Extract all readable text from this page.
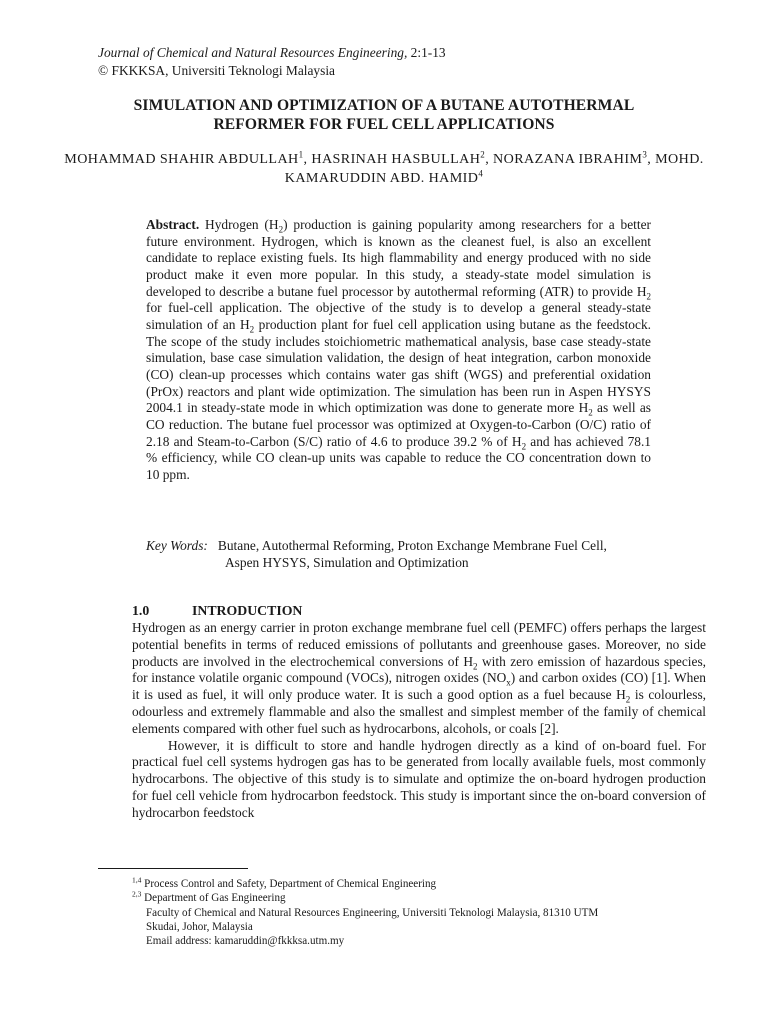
Journal of Chemical and Natural Resources Engineering, 2:1-13
© FKKKSA, Universiti Teknologi Malaysia
SIMULATION AND OPTIMIZATION OF A BUTANE AUTOTHERMAL
REFORMER FOR FUEL CELL APPLICATIONS
MOHAMMAD SHAHIR ABDULLAH$^1$, HASRINAH HASBULLAH$^2$, NORAZANA IBRAHIM$^3$, MOHD. KAMARUDDIN ABD. HAMID$^4$
Abstract. Hydrogen $(H_2)$ production is gaining popularity among researchers for a better future environment. Hydrogen, which is known as the cleanest fuel, is also an excellent candidate to replace existing fuels. Its high flammability and energy produced with no side product make it even more popular. In this study, a steady-state model simulation is developed to describe a butane fuel processor by autothermal reforming (ATR) to provide $H_2$ for fuel-cell application. The objective of the study is to develop a general steady-state simulation of an $H_2$ production plant for fuel cell application using butane as the feedstock. The scope of the study includes stoichiometric mathematical analysis, base case steady-state simulation, base case simulation validation, the design of heat integration, carbon monoxide (CO) clean-up processes which contains water gas shift (WGS) and preferential oxidation (PrOx) reactors and plant wide optimization. The simulation has been run in Aspen HYSYS 2004.1 in steady-state mode in which optimization was done to generate more $H_2$ as well as CO reduction. The butane fuel processor was optimized at Oxygen-to-Carbon (O/C) ratio of 2.18 and Steam-to-Carbon (S/C) ratio of 4.6 to produce 39.2 % of $H_2$ and has achieved 78.1 % efficiency, while CO clean-up units was capable to reduce the CO concentration down to 10 ppm.
Key Words: Butane, Autothermal Reforming, Proton Exchange Membrane Fuel Cell,
Aspen HYSYS, Simulation and Optimization
1.0	INTRODUCTION

Hydrogen as an energy carrier in proton exchange membrane fuel cell (PEMFC) offers perhaps the largest potential benefits in terms of reduced emissions of pollutants and greenhouse gases. Moreover, no side products are involved in the electrochemical conversions of $H_2$ with zero emission of hazardous species, for instance volatile organic compound (VOCs), nitrogen oxides $(NO_x)$ and carbon oxides (CO) [1]. When it is used as fuel, it will only produce water. It is such a good option as a fuel because $H_2$ is colourless, odourless and extremely flammable and also the smallest and simplest member of the family of chemical elements compared with other fuel such as hydrocarbons, alcohols, or coals [2].

However, it is difficult to store and handle hydrogen directly as a kind of on-board fuel. For practical fuel cell systems hydrogen gas has to be generated from locally available fuels, most commonly hydrocarbons. The objective of this study is to simulate and optimize the on-board hydrogen production for fuel cell vehicle from hydrocarbon feedstock. This study is important since the on-board conversion of hydrocarbon feedstock

$^{1,4}$ Process Control and Safety, Department of Chemical Engineering
$^{2,3}$ Department of Gas Engineering
Faculty of Chemical and Natural Resources Engineering, Universiti Teknologi Malaysia, 81310 UTM
Skudai, Johor, Malaysia
Email address: kamaruddin@fkkksa.utm.my
